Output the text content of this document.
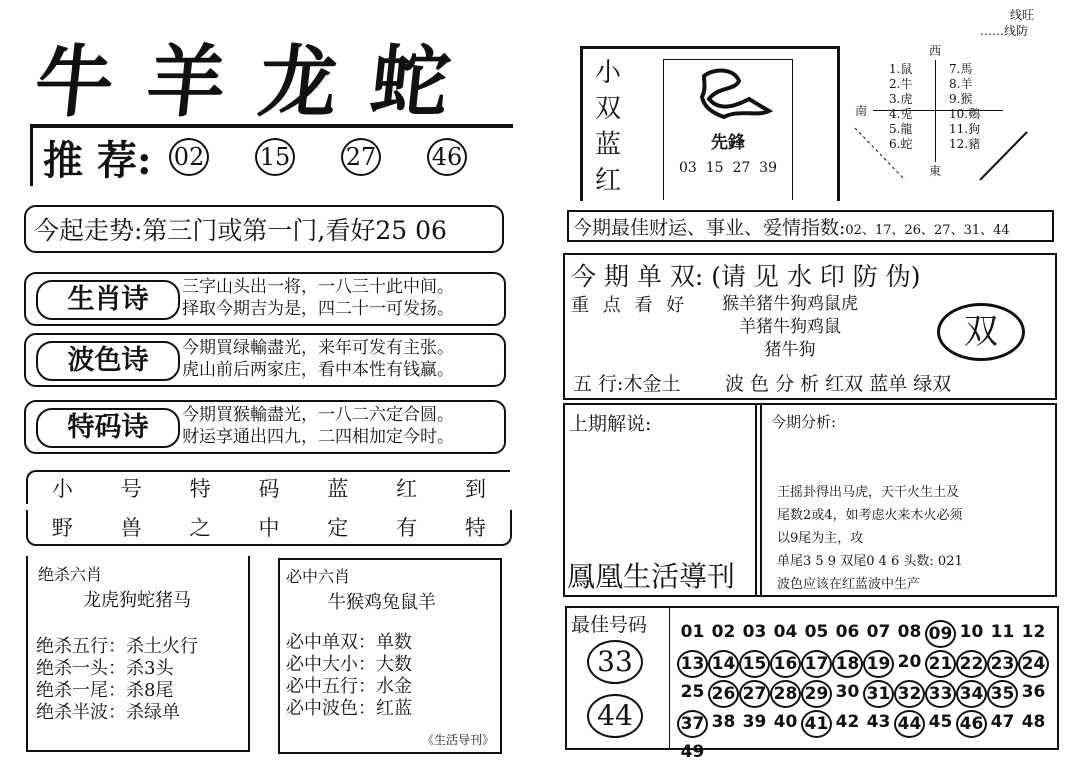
线旺
……线防
牛羊龙蛇
推 荐: 02 15 27 46
今起走势:第三门或第一门,看好25 06
生肖诗	三字山头出一将，一八三十此中间。
择取今期吉为是，四二十一可发扬。
波色诗	今期買绿輸盡光，来年可发有主张。
虎山前后两家庄，看中本性有钱赢。
特码诗	今期買猴輸盡光，一八二六定合圆。
财运享通出四九，二四相加定今时。
小 号 特 码 蓝 红 到
野 兽 之 中 定 有 特
绝杀六肖
龙虎狗蛇猪马
绝杀五行：杀土火行
绝杀一头：杀3头
绝杀一尾：杀8尾
绝杀半波：杀绿单
必中六肖
牛猴鸡兔鼠羊
必中单双：单数
必中大小：大数
必中五行：水金
必中波色：红蓝
《生活导刊》
小
双
蓝
红
先鋒
03  15  27  39
西
南
東
1.鼠
2.牛
3.虎
4.兎
5.龍
6.蛇
7.馬
8.羊
9.猴
10.鷄
11.狗
12.豬
今期最佳财运、事业、爱情指数:02、17、26、27、31、44
今 期 单 双: (请 见 水 印 防 伪)
重 点 看 好	猴羊猪牛狗鸡鼠虎
羊猪牛狗鸡鼠
猪牛狗	双
五 行:木金土 波 色 分 析 红双 蓝单 绿双
上期解说:	今期分析:
鳳凰生活導刊
王摇卦得出马虎，天干火生土及
尾数2或4，如考虑火来木火必须
以9尾为主，攻
单尾3 5 9 双尾0 4 6 头数: 021
波色应该在红蓝波中生产
最佳号码
33
44
01 02 03 04 05 06 07 08 09 10 11 12
13 14 15 16 17 18 19 20 21 22 23 24
25 26 27 28 29 30 31 32 33 34 35 36
37 38 39 40 41 42 43 44 45 46 47 48
49
